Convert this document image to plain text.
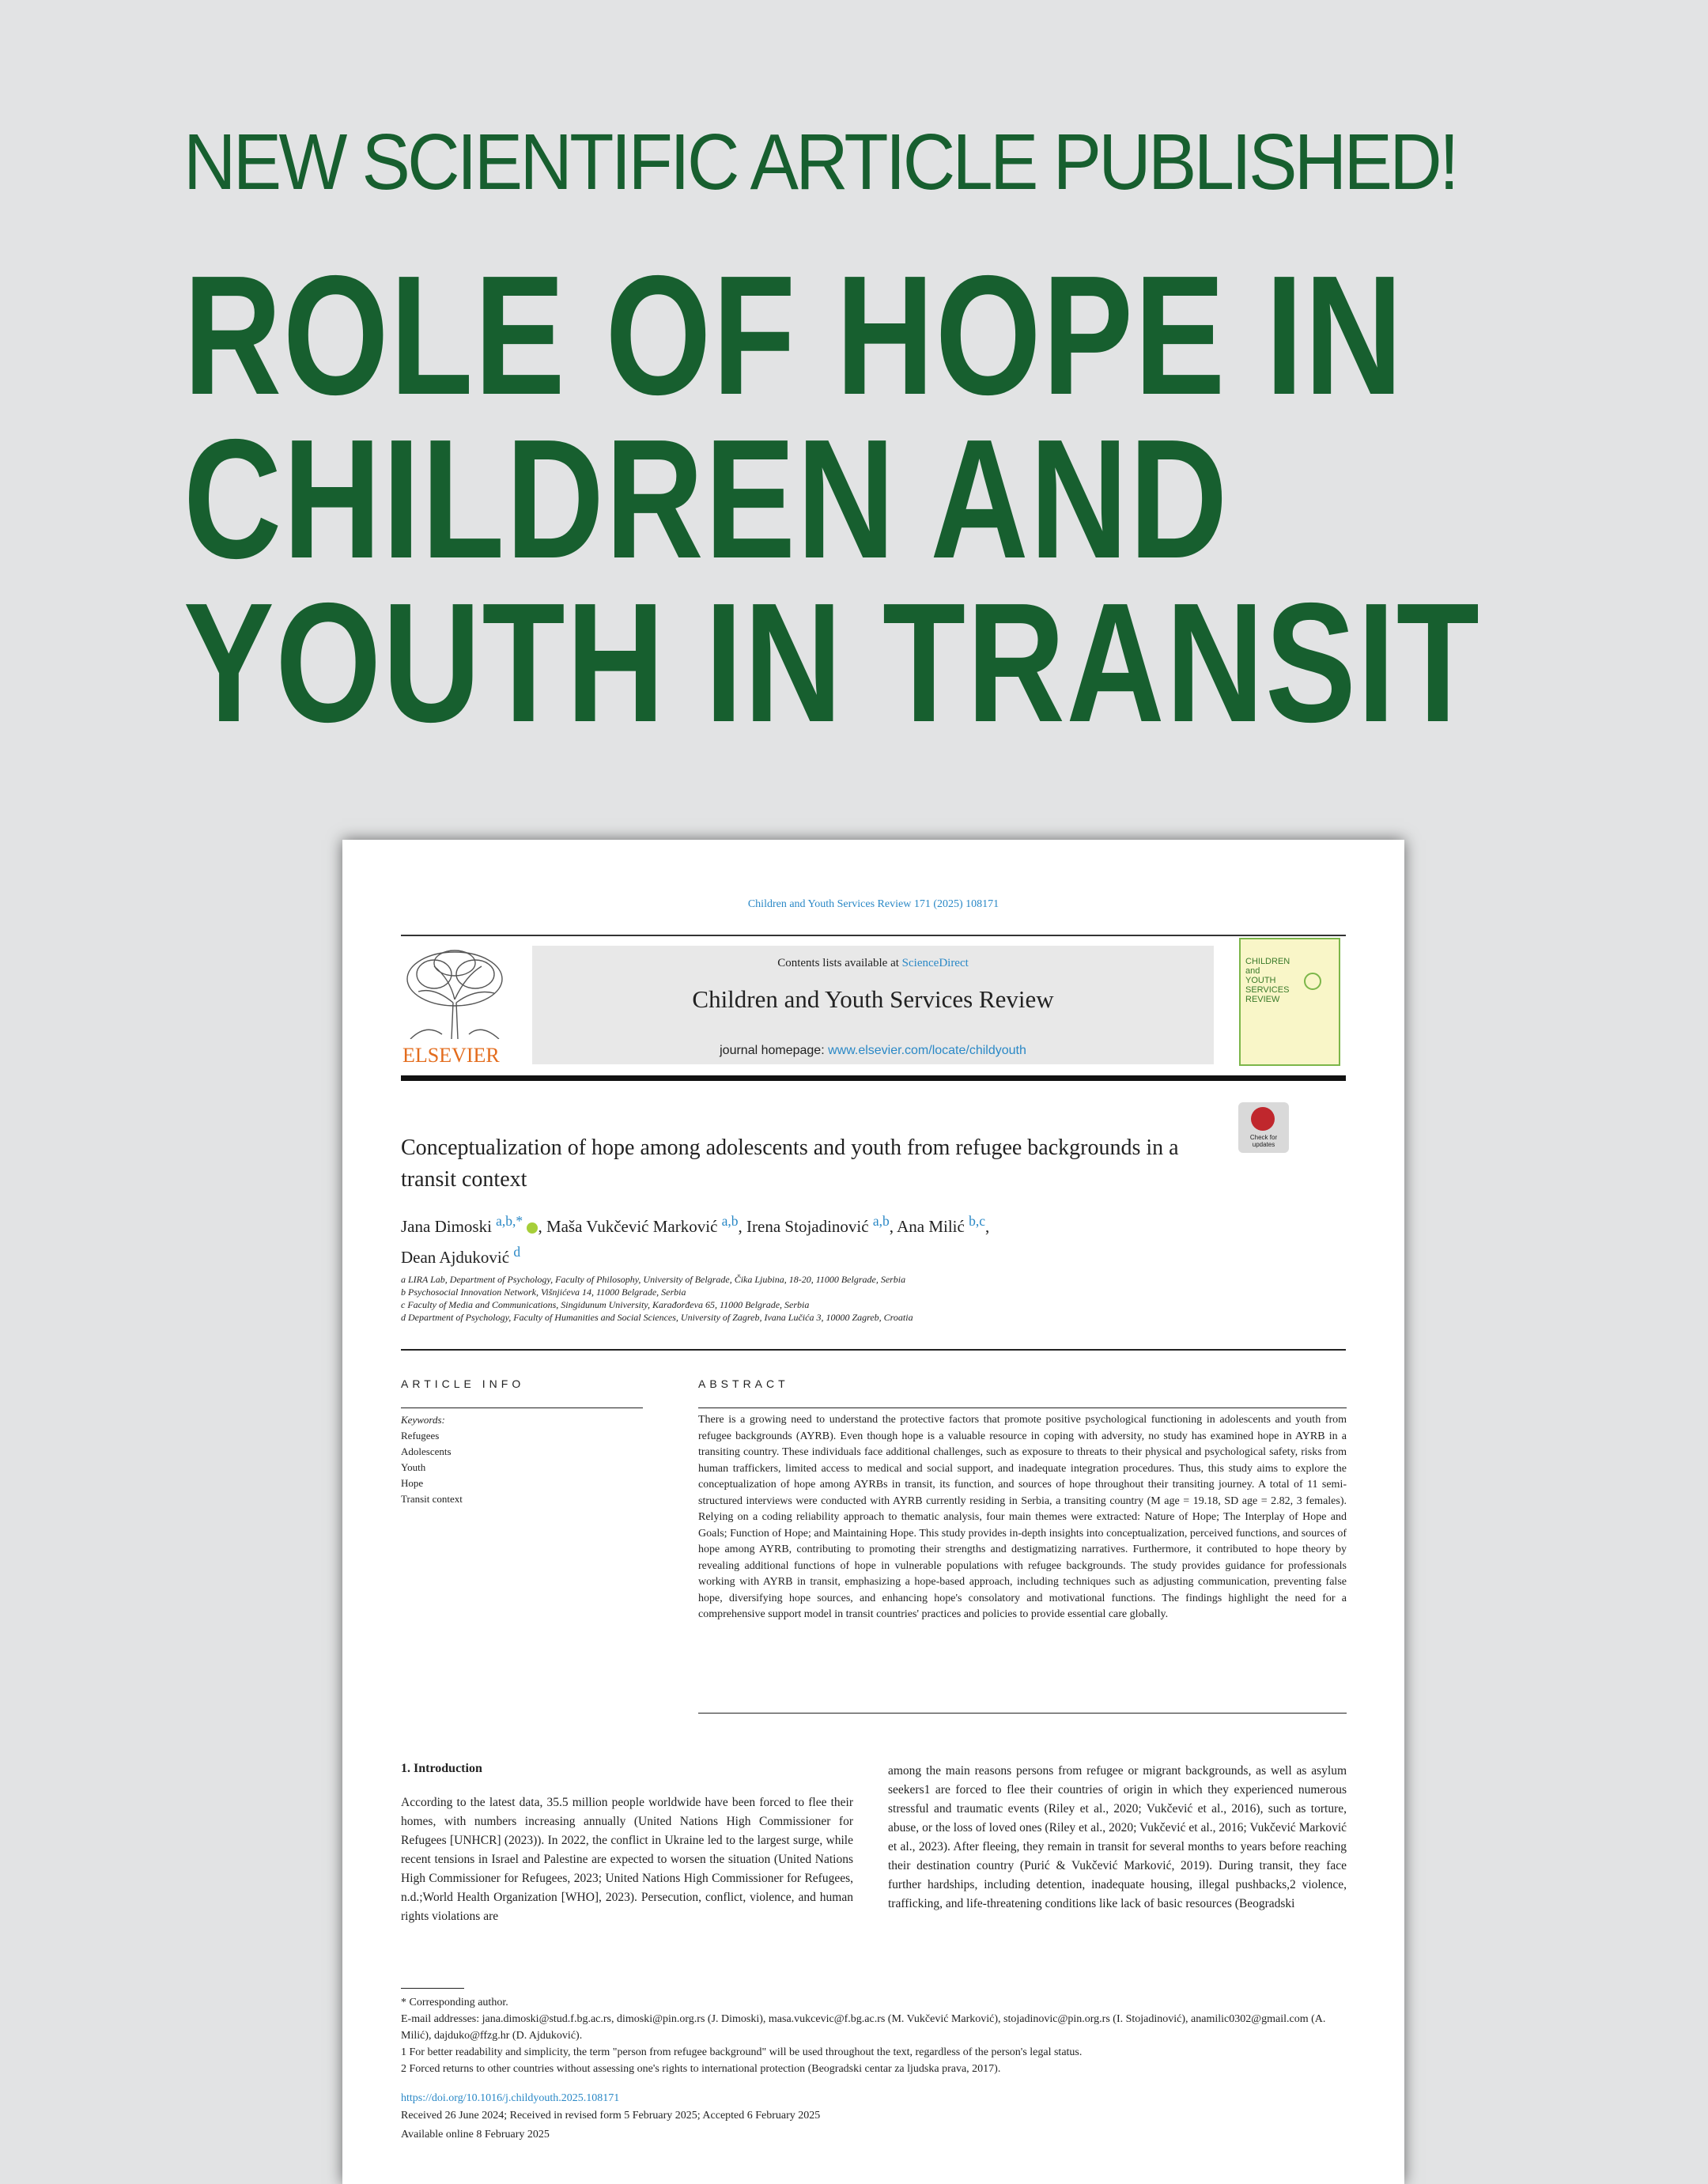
NEW SCIENTIFIC ARTICLE PUBLISHED!
ROLE OF HOPE IN
CHILDREN AND
YOUTH IN TRANSIT
Children and Youth Services Review 171 (2025) 108171
ELSEVIER
Contents lists available at ScienceDirect
Children and Youth Services Review
journal homepage: www.elsevier.com/locate/childyouth
CHILDREN
and
YOUTH
SERVICES
REVIEW
Check for updates
Conceptualization of hope among adolescents and youth from refugee backgrounds in a transit context
Jana Dimoski $^{a,b,*}$ , Maša Vukčević Marković $^{a,b}$, Irena Stojadinović $^{a,b}$, Ana Milić $^{b,c}$,
Dean Ajduković $^d$
a LIRA Lab, Department of Psychology, Faculty of Philosophy, University of Belgrade, Čika Ljubina, 18-20, 11000 Belgrade, Serbia
b Psychosocial Innovation Network, Višnjićeva 14, 11000 Belgrade, Serbia
c Faculty of Media and Communications, Singidunum University, Karađorđeva 65, 11000 Belgrade, Serbia
d Department of Psychology, Faculty of Humanities and Social Sciences, University of Zagreb, Ivana Lučića 3, 10000 Zagreb, Croatia
ARTICLE INFO	ABSTRACT
Keywords:
Refugees
Adolescents
Youth
Hope
Transit context
There is a growing need to understand the protective factors that promote positive psychological functioning in adolescents and youth from refugee backgrounds (AYRB). Even though hope is a valuable resource in coping with adversity, no study has examined hope in AYRB in a transiting country. These individuals face additional challenges, such as exposure to threats to their physical and psychological safety, risks from human traffickers, limited access to medical and social support, and inadequate integration procedures. Thus, this study aims to explore the conceptualization of hope among AYRBs in transit, its function, and sources of hope throughout their transiting journey. A total of 11 semi-structured interviews were conducted with AYRB currently residing in Serbia, a transiting country (M age = 19.18, SD age = 2.82, 3 females). Relying on a coding reliability approach to thematic analysis, four main themes were extracted: Nature of Hope; The Interplay of Hope and Goals; Function of Hope; and Maintaining Hope. This study provides in-depth insights into conceptualization, perceived functions, and sources of hope among AYRB, contributing to promoting their strengths and destigmatizing narratives. Furthermore, it contributed to hope theory by revealing additional functions of hope in vulnerable populations with refugee backgrounds. The study provides guidance for professionals working with AYRB in transit, emphasizing a hope-based approach, including techniques such as adjusting communication, preventing false hope, diversifying hope sources, and enhancing hope's consolatory and motivational functions. The findings highlight the need for a comprehensive support model in transit countries' practices and policies to provide essential care globally.
1. Introduction
According to the latest data, 35.5 million people worldwide have been forced to flee their homes, with numbers increasing annually (United Nations High Commissioner for Refugees [UNHCR] (2023)). In 2022, the conflict in Ukraine led to the largest surge, while recent tensions in Israel and Palestine are expected to worsen the situation (United Nations High Commissioner for Refugees, 2023; United Nations High Commissioner for Refugees, n.d.;World Health Organization [WHO], 2023). Persecution, conflict, violence, and human rights violations are
among the main reasons persons from refugee or migrant backgrounds, as well as asylum seekers1 are forced to flee their countries of origin in which they experienced numerous stressful and traumatic events (Riley et al., 2020; Vukčević et al., 2016), such as torture, abuse, or the loss of loved ones (Riley et al., 2020; Vukčević et al., 2016; Vukčević Marković et al., 2023). After fleeing, they remain in transit for several months to years before reaching their destination country (Purić & Vukčević Marković, 2019). During transit, they face further hardships, including detention, inadequate housing, illegal pushbacks,2 violence, trafficking, and life-threatening conditions like lack of basic resources (Beogradski
* Corresponding author.
E-mail addresses: jana.dimoski@stud.f.bg.ac.rs, dimoski@pin.org.rs (J. Dimoski), masa.vukcevic@f.bg.ac.rs (M. Vukčević Marković), stojadinovic@pin.org.rs (I. Stojadinović), anamilic0302@gmail.com (A. Milić), dajduko@ffzg.hr (D. Ajduković).
1 For better readability and simplicity, the term "person from refugee background" will be used throughout the text, regardless of the person's legal status.
2 Forced returns to other countries without assessing one's rights to international protection (Beogradski centar za ljudska prava, 2017).
https://doi.org/10.1016/j.childyouth.2025.108171
Received 26 June 2024; Received in revised form 5 February 2025; Accepted 6 February 2025
Available online 8 February 2025
